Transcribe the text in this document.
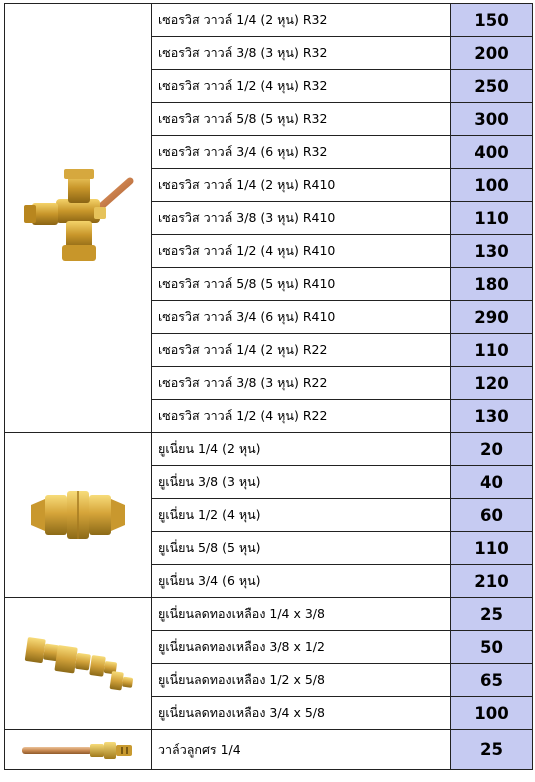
	เซอรวิส วาวล์ 1/4 (2 หุน) R32	150
	เซอรวิส วาวล์ 3/8 (3 หุน) R32	200
	เซอรวิส วาวล์ 1/2 (4 หุน) R32	250
	เซอรวิส วาวล์ 5/8 (5 หุน) R32	300
	เซอรวิส วาวล์ 3/4 (6 หุน) R32	400
	เซอรวิส วาวล์ 1/4 (2 หุน) R410	100
	เซอรวิส วาวล์ 3/8 (3 หุน) R410	110
	เซอรวิส วาวล์ 1/2 (4 หุน) R410	130
	เซอรวิส วาวล์ 5/8 (5 หุน) R410	180
	เซอรวิส วาวล์ 3/4 (6 หุน) R410	290
	เซอรวิส วาวล์ 1/4 (2 หุน) R22	110
	เซอรวิส วาวล์ 3/8 (3 หุน) R22	120
	เซอรวิส วาวล์ 1/2 (4 หุน) R22	130

	ยูเนี่ยน 1/4 (2 หุน)	20
	ยูเนี่ยน 3/8 (3 หุน)	40
	ยูเนี่ยน 1/2 (4 หุน)	60
	ยูเนี่ยน 5/8 (5 หุน)	110
	ยูเนี่ยน 3/4 (6 หุน)	210

	ยูเนี่ยนลดทองเหลือง 1/4 x 3/8	25
	ยูเนี่ยนลดทองเหลือง 3/8 x 1/2	50
	ยูเนี่ยนลดทองเหลือง 1/2 x 5/8	65
	ยูเนี่ยนลดทองเหลือง 3/4 x 5/8	100

	วาล์วลูกศร 1/4	25
